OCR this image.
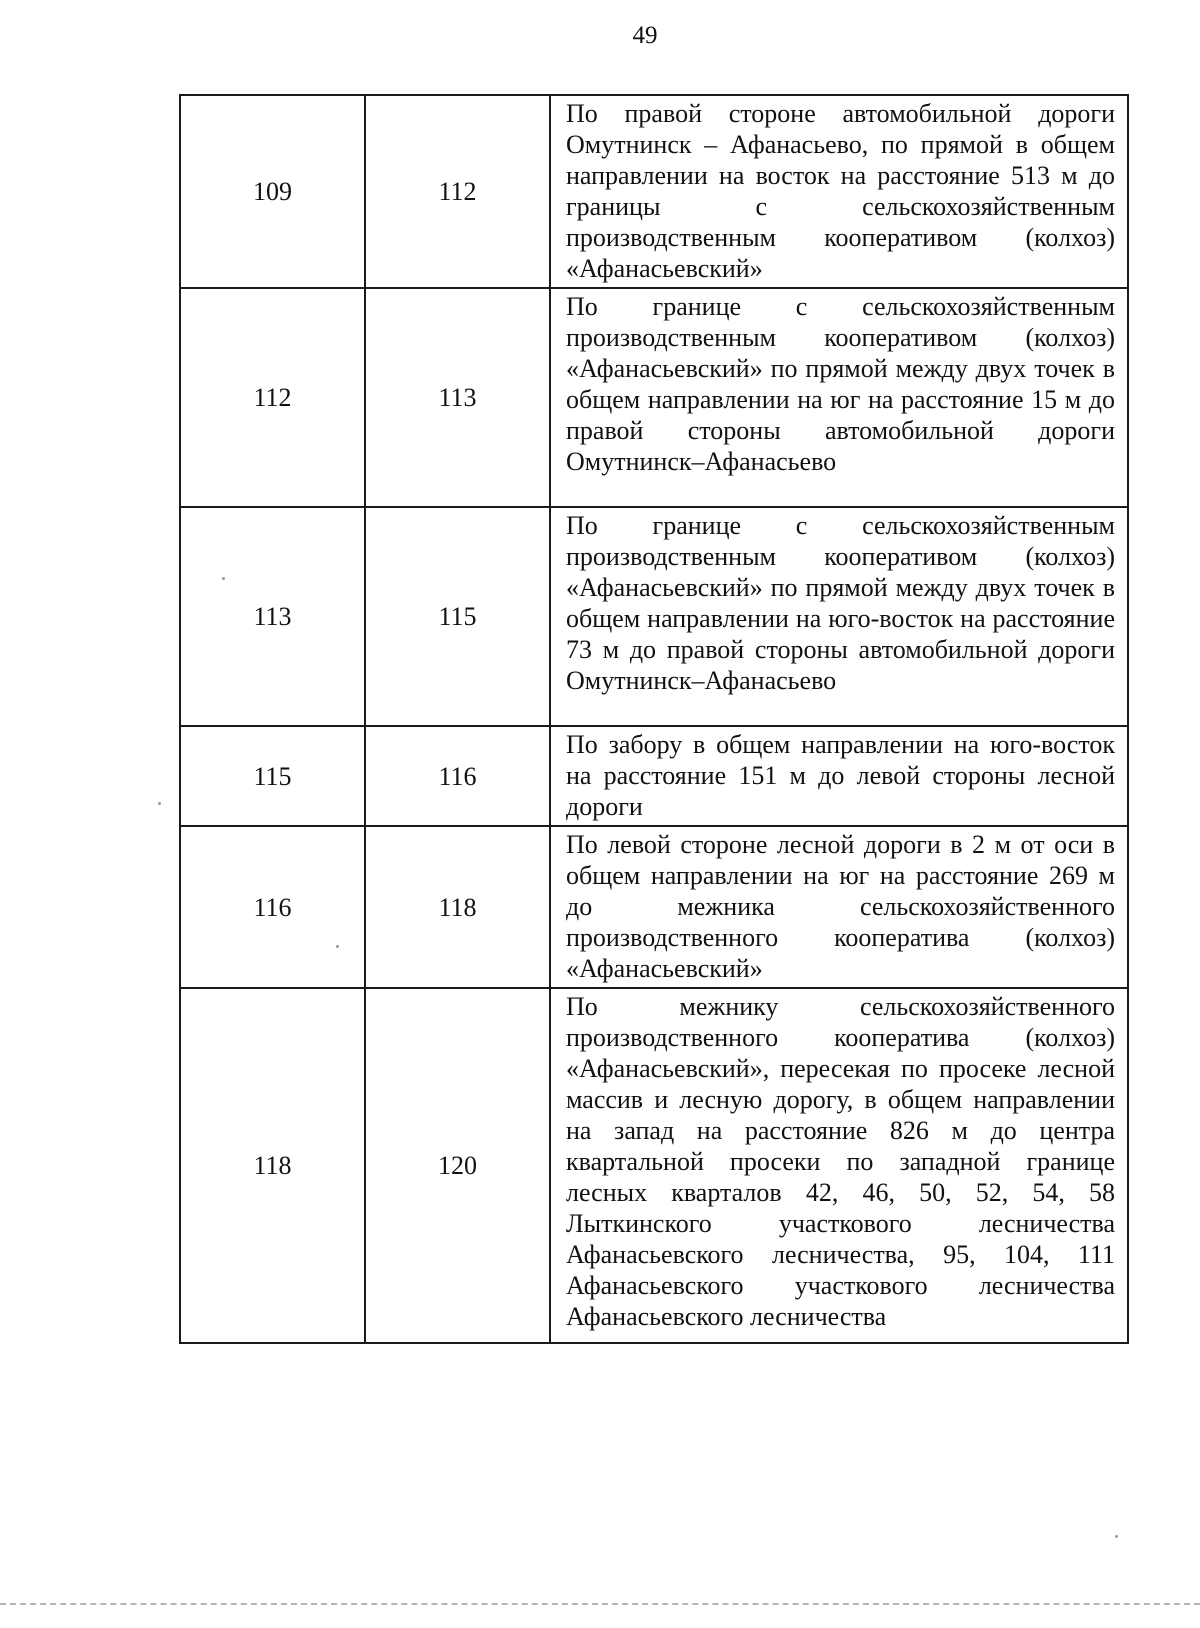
49
109	112	По правой стороне автомобильной дороги Омутнинск – Афанасьево, по прямой в общем направлении на восток на расстояние 513 м до границы с сельскохозяйственным производственным кооперативом (колхоз) «Афанасьевский»

112	113	По границе с сельскохозяйственным производственным кооперативом (колхоз) «Афанасьевский» по прямой между двух точек в общем направлении на юг на расстояние 15 м до правой стороны автомобильной дороги Омутнинск–Афанасьево

113	115	По границе с сельскохозяйственным производственным кооперативом (колхоз) «Афанасьевский» по прямой между двух точек в общем направлении на юго-восток на расстояние 73 м до правой стороны автомобильной дороги Омутнинск–Афанасьево

115	116	По забору в общем направлении на юго-восток на расстояние 151 м до левой стороны лесной дороги

116	118	По левой стороне лесной дороги в 2 м от оси в общем направлении на юг на расстояние 269 м до межника сельскохозяйственного производственного кооператива (колхоз) «Афанасьевский»

118	120	По межнику сельскохозяйственного производственного кооператива (колхоз) «Афанасьевский», пересекая по просеке лесной массив и лесную дорогу, в общем направлении на запад на расстояние 826 м до центра квартальной просеки по западной границе лесных кварталов 42, 46, 50, 52, 54, 58 Лыткинского участкового лесничества Афанасьевского лесничества, 95, 104, 111 Афанасьевского участкового лесничества Афанасьевского лесничества
